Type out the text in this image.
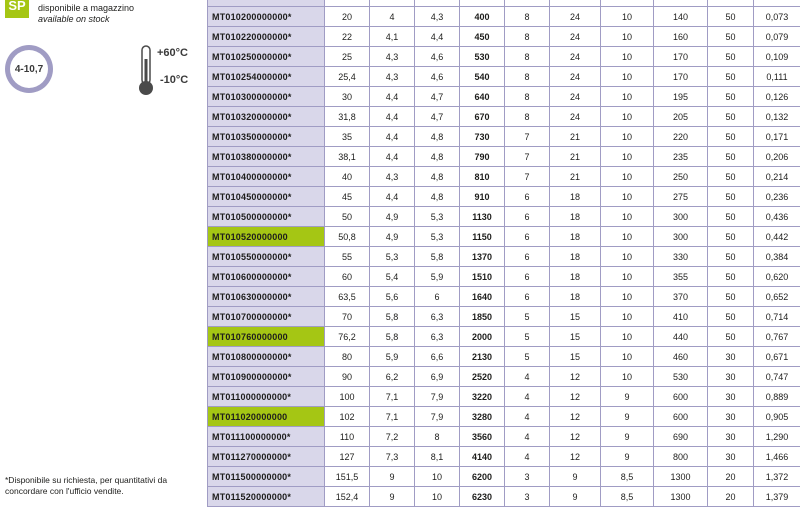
SP	disponibile a magazzino
available on stock
4-10,7
+60°C
-10°C
*Disponibile su richiesta, per quantitativi da
concordare con l'ufficio vendite.

MT010200000000*	20	4	4,3	400	8	24	10	140	50	0,073
MT010220000000*	22	4,1	4,4	450	8	24	10	160	50	0,079
MT010250000000*	25	4,3	4,6	530	8	24	10	170	50	0,109
MT010254000000*	25,4	4,3	4,6	540	8	24	10	170	50	0,111
MT010300000000*	30	4,4	4,7	640	8	24	10	195	50	0,126
MT010320000000*	31,8	4,4	4,7	670	8	24	10	205	50	0,132
MT010350000000*	35	4,4	4,8	730	7	21	10	220	50	0,171
MT010380000000*	38,1	4,4	4,8	790	7	21	10	235	50	0,206
MT010400000000*	40	4,3	4,8	810	7	21	10	250	50	0,214
MT010450000000*	45	4,4	4,8	910	6	18	10	275	50	0,236
MT010500000000*	50	4,9	5,3	1130	6	18	10	300	50	0,436
MT010520000000	50,8	4,9	5,3	1150	6	18	10	300	50	0,442
MT010550000000*	55	5,3	5,8	1370	6	18	10	330	50	0,384
MT010600000000*	60	5,4	5,9	1510	6	18	10	355	50	0,620
MT010630000000*	63,5	5,6	6	1640	6	18	10	370	50	0,652
MT010700000000*	70	5,8	6,3	1850	5	15	10	410	50	0,714
MT010760000000	76,2	5,8	6,3	2000	5	15	10	440	50	0,767
MT010800000000*	80	5,9	6,6	2130	5	15	10	460	30	0,671
MT010900000000*	90	6,2	6,9	2520	4	12	10	530	30	0,747
MT011000000000*	100	7,1	7,9	3220	4	12	9	600	30	0,889
MT011020000000	102	7,1	7,9	3280	4	12	9	600	30	0,905
MT011100000000*	110	7,2	8	3560	4	12	9	690	30	1,290
MT011270000000*	127	7,3	8,1	4140	4	12	9	800	30	1,466
MT011500000000*	151,5	9	10	6200	3	9	8,5	1300	20	1,372
MT011520000000*	152,4	9	10	6230	3	9	8,5	1300	20	1,379
